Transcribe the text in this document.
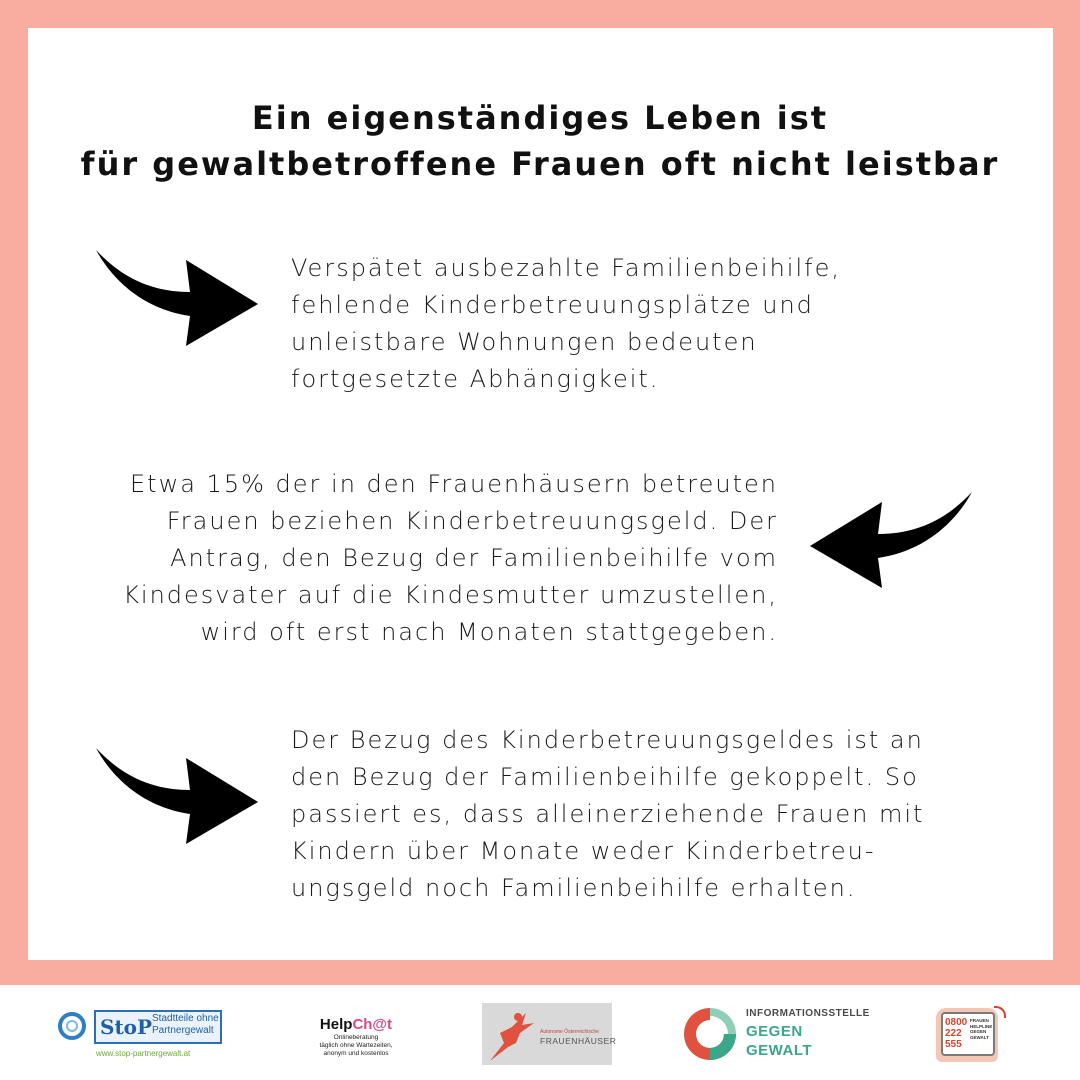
Ein eigenständiges Leben ist
für gewaltbetroffene Frauen oft nicht leistbar
Verspätet ausbezahlte Familienbeihilfe,
fehlende Kinderbetreuungsplätze und
unleistbare Wohnungen bedeuten
fortgesetzte Abhängigkeit.
Etwa 15% der in den Frauenhäusern betreuten
Frauen beziehen Kinderbetreuungsgeld. Der
Antrag, den Bezug der Familienbeihilfe vom
Kindesvater auf die Kindesmutter umzustellen,
wird oft erst nach Monaten stattgegeben.
Der Bezug des Kinderbetreuungsgeldes ist an
den Bezug der Familienbeihilfe gekoppelt. So
passiert es, dass alleinerziehende Frauen mit
Kindern über Monate weder Kinderbetreu-
ungsgeld noch Familienbeihilfe erhalten.
StoP Stadtteile ohne
Partnergewalt
www.stop-partnergewalt.at
HelpCh@t
Onlineberatung
täglich ohne Wartezeiten,
anonym und kostenlos
Autonome Österreichische
FRAUENHÄUSER
INFORMATIONSSTELLE
GEGEN
GEWALT
0800
222
555
FRAUEN
HELPLINE
GEGEN
GEWALT
